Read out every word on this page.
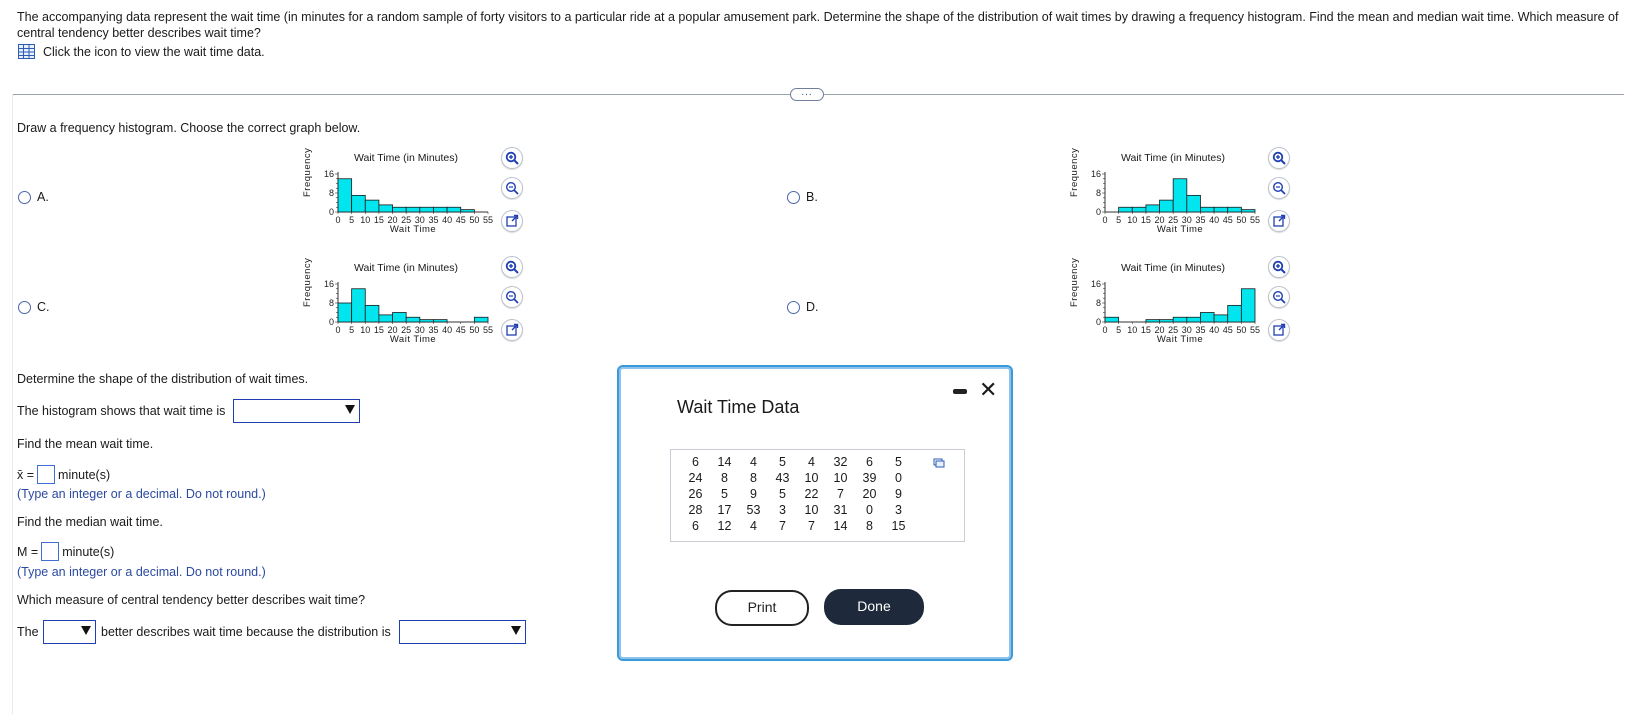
The accompanying data represent the wait time (in minutes for a random sample of forty visitors to a particular ride at a popular amusement park. Determine the shape of the distribution of wait times by drawing a frequency histogram. Find the mean and median wait time. Which measure of central tendency better describes wait time?
Click the icon to view the wait time data.
...
Draw a frequency histogram. Choose the correct graph below.
A.	B.
C.	D.
Wait Time (in Minutes)
Frequency 16
8
0
0 5 10 15 20 25 30 35 40 45 50 55
Wait Time
Wait Time (in Minutes)
Frequency 16
8
0
0 5 10 15 20 25 30 35 40 45 50 55
Wait Time
Wait Time (in Minutes)
Frequency 16
8
0
0 5 10 15 20 25 30 35 40 45 50 55
Wait Time
Wait Time (in Minutes)
Frequency 16
8
0
0 5 10 15 20 25 30 35 40 45 50 55
Wait Time
Determine the shape of the distribution of wait times.
The histogram shows that wait time is
Find the mean wait time.
x̄ = minute(s)
(Type an integer or a decimal. Do not round.)
Find the median wait time.
M = minute(s)
(Type an integer or a decimal. Do not round.)
Which measure of central tendency better describes wait time?
The	better describes wait time because the distribution is
Wait Time Data
✕
6	14	4	5	4	32	6	5
24	8	8	43	10	10	39	0
26	5	9	5	22	7	20	9
28	17	53	3	10	31	0	3
6	12	4	7	7	14	8	15
Print	Done
